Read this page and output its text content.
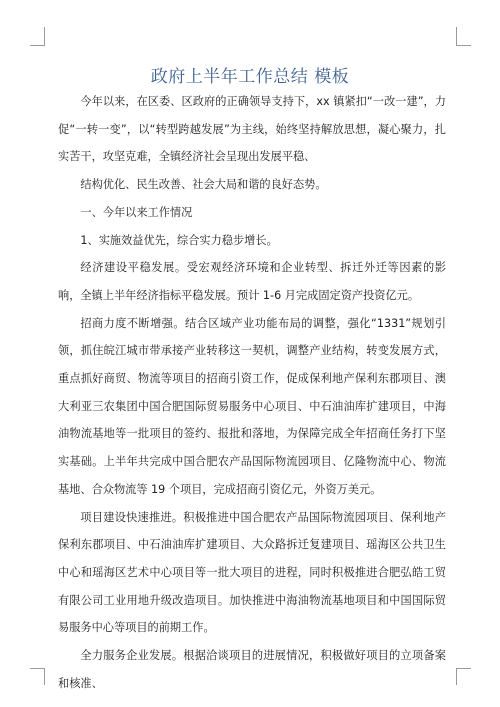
政府上半年工作总结 模板

今年以来，在区委、区政府的正确领导支持下，xx 镇紧扣“一改一建”，力促“一转一变”，以“转型跨越发展”为主线，始终坚持解放思想，凝心聚力，扎实苦干，攻坚克难，全镇经济社会呈现出发展平稳、

结构优化、民生改善、社会大局和谐的良好态势。

一、今年以来工作情况

1、实施效益优先，综合实力稳步增长。

经济建设平稳发展。受宏观经济环境和企业转型、拆迁外迁等因素的影响，全镇上半年经济指标平稳发展。预计 1-6 月完成固定资产投资亿元。

招商力度不断增强。结合区域产业功能布局的调整，强化“1331”规划引领，抓住皖江城市带承接产业转移这一契机，调整产业结构，转变发展方式，重点抓好商贸、物流等项目的招商引资工作，促成保利地产保利东郡项目、澳大利亚三农集团中国合肥国际贸易服务中心项目、中石油油库扩建项目，中海油物流基地等一批项目的签约、报批和落地，为保障完成全年招商任务打下坚实基础。上半年共完成中国合肥农产品国际物流园项目、亿隆物流中心、物流基地、合众物流等 19 个项目，完成招商引资亿元，外资万美元。

项目建设快速推进。积极推进中国合肥农产品国际物流园项目、保利地产保利东郡项目、中石油油库扩建项目、大众路拆迁复建项目、瑶海区公共卫生中心和瑶海区艺术中心项目等一批大项目的进程，同时积极推进合肥弘皓工贸有限公司工业用地升级改造项目。加快推进中海油物流基地项目和中国国际贸易服务中心等项目的前期工作。

全力服务企业发展。根据洽谈项目的进展情况，积极做好项目的立项备案和核准、
